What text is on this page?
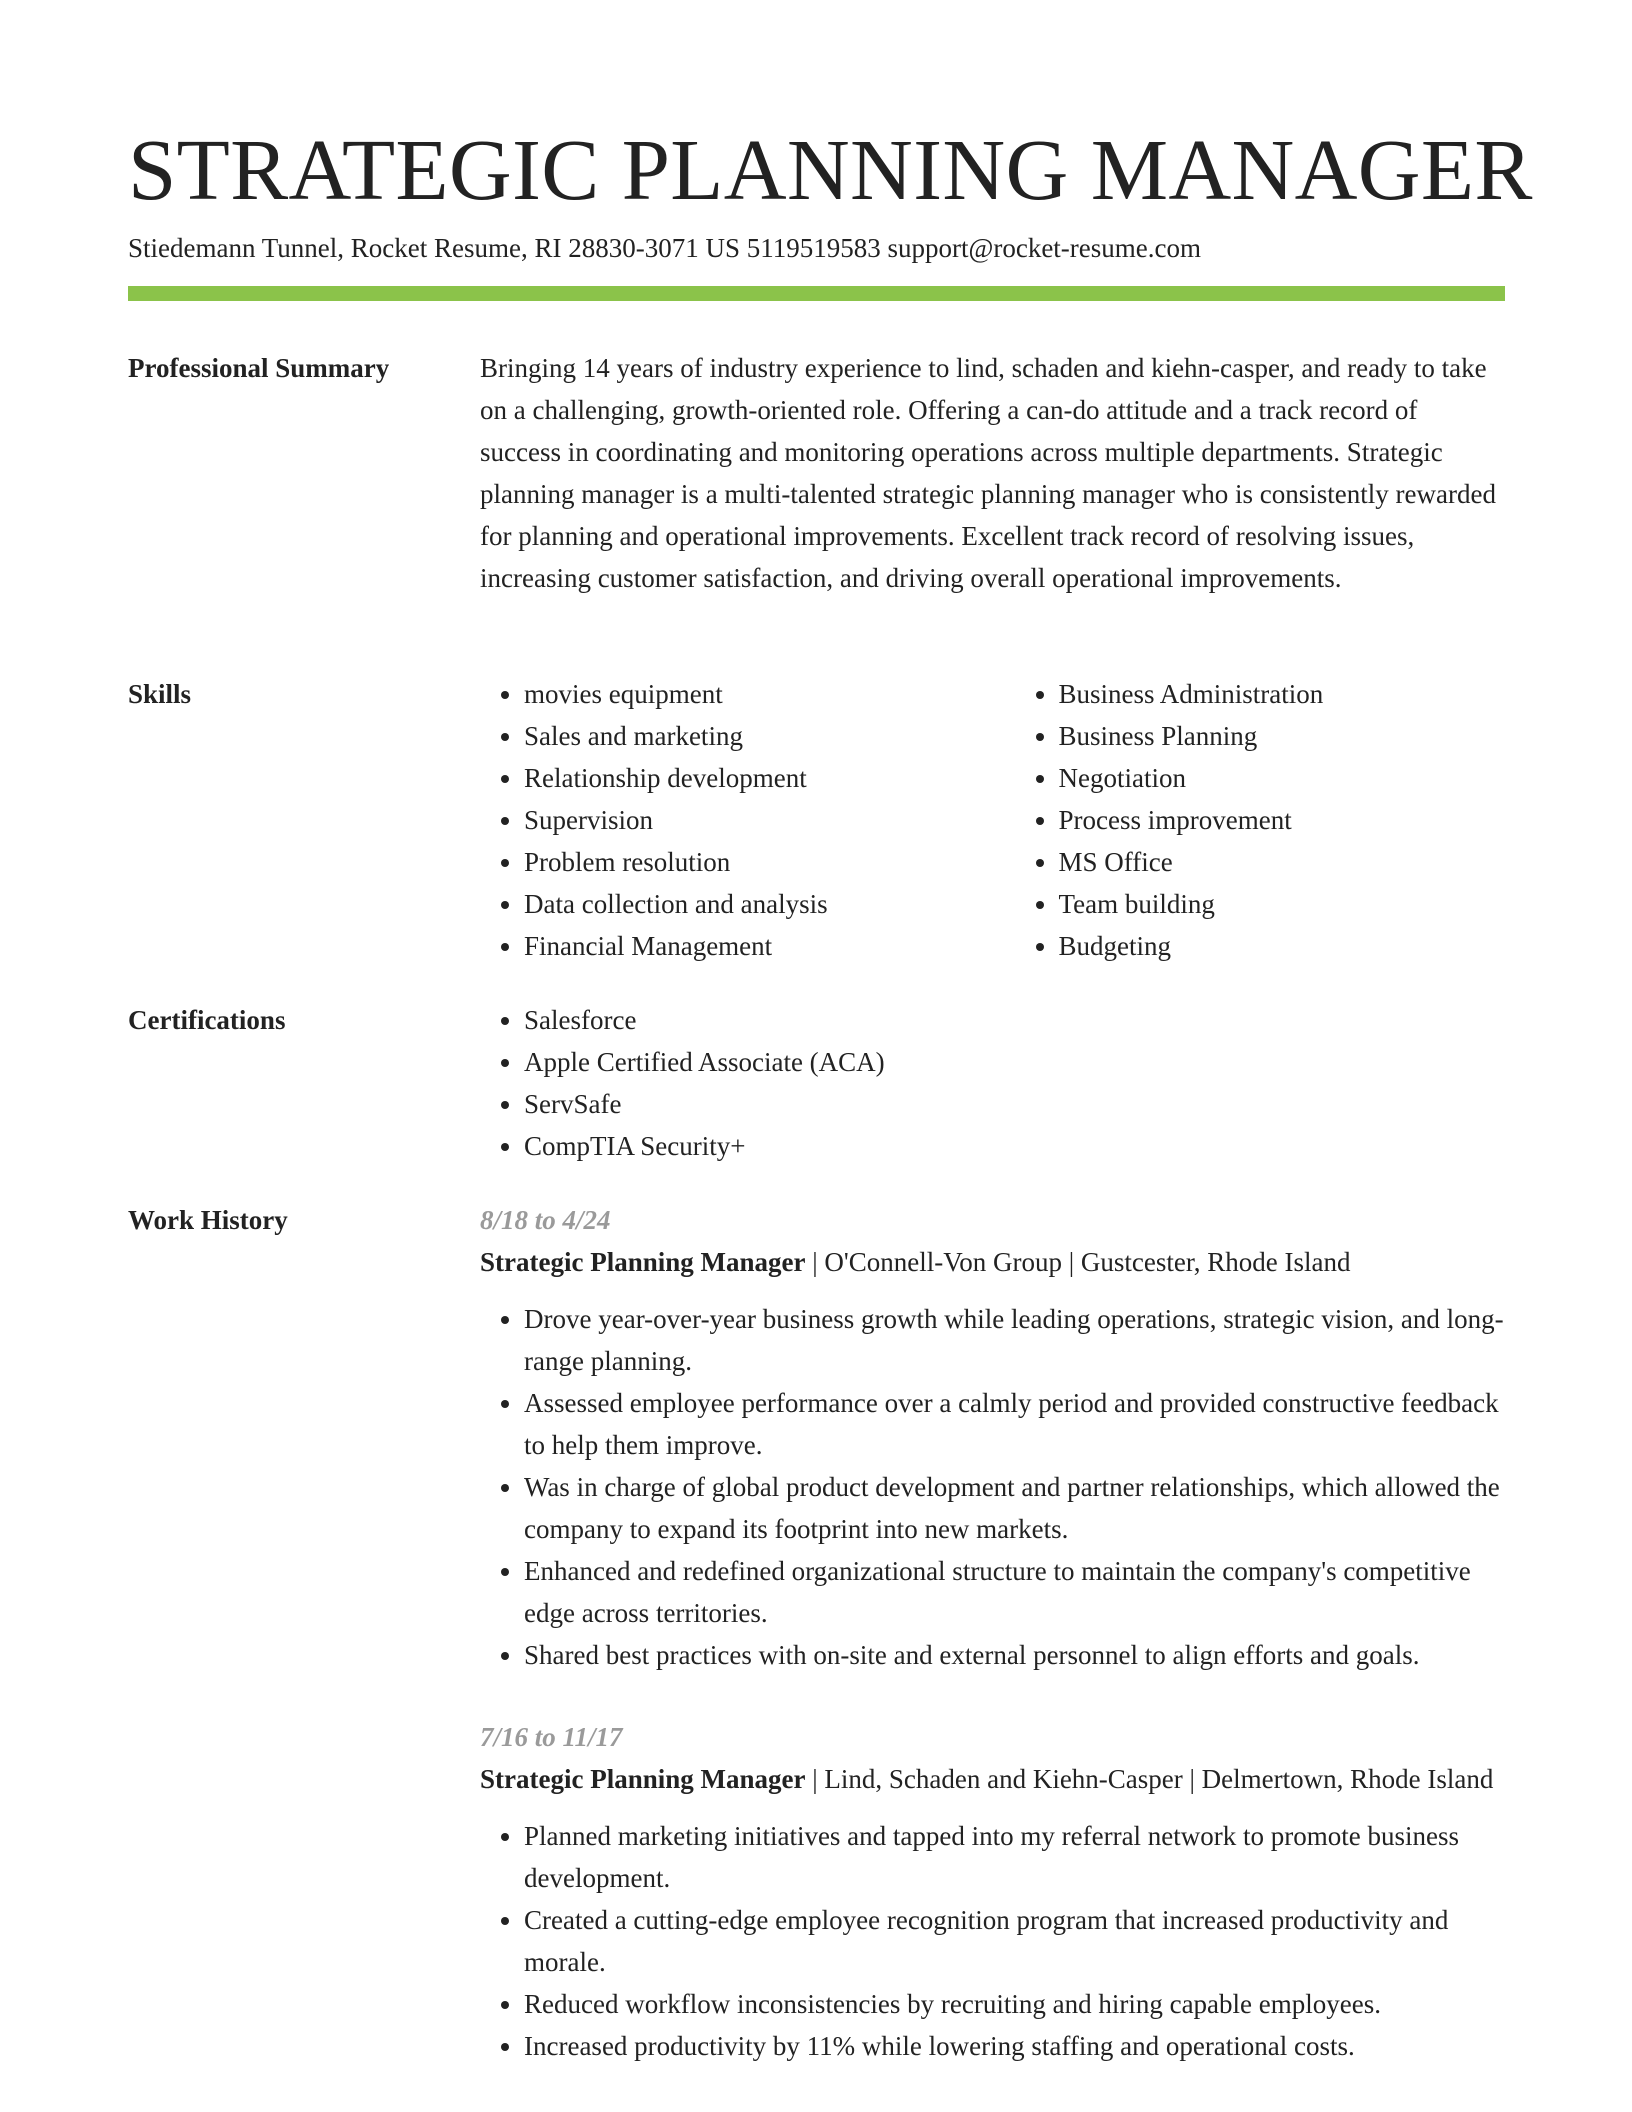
STRATEGIC PLANNING MANAGER
Stiedemann Tunnel, Rocket Resume, RI 28830-3071 US 5119519583 support@rocket-resume.com
Professional Summary	Bringing 14 years of industry experience to lind, schaden and kiehn-casper, and ready to take on a challenging, growth-oriented role. Offering a can-do attitude and a track record of success in coordinating and monitoring operations across multiple departments. Strategic planning manager is a multi-talented strategic planning manager who is consistently rewarded for planning and operational improvements. Excellent track record of resolving issues, increasing customer satisfaction, and driving overall operational improvements.

Skills	• movies equipment
• Sales and marketing
• Relationship development
• Supervision
• Problem resolution
• Data collection and analysis
• Financial Management
• Business Administration
• Business Planning
• Negotiation
• Process improvement
• MS Office
• Team building
• Budgeting
Certifications	• Salesforce
• Apple Certified Associate (ACA)
• ServSafe
• CompTIA Security+
Work History	8/18 to 4/24
Strategic Planning Manager | O'Connell-Von Group | Gustcester, Rhode Island
• Drove year-over-year business growth while leading operations, strategic vision, and long-range planning.
• Assessed employee performance over a calmly period and provided constructive feedback to help them improve.
• Was in charge of global product development and partner relationships, which allowed the company to expand its footprint into new markets.
• Enhanced and redefined organizational structure to maintain the company's competitive edge across territories.
• Shared best practices with on-site and external personnel to align efforts and goals.
7/16 to 11/17
Strategic Planning Manager | Lind, Schaden and Kiehn-Casper | Delmertown, Rhode Island
• Planned marketing initiatives and tapped into my referral network to promote business development.
• Created a cutting-edge employee recognition program that increased productivity and morale.
• Reduced workflow inconsistencies by recruiting and hiring capable employees.
• Increased productivity by 11% while lowering staffing and operational costs.
